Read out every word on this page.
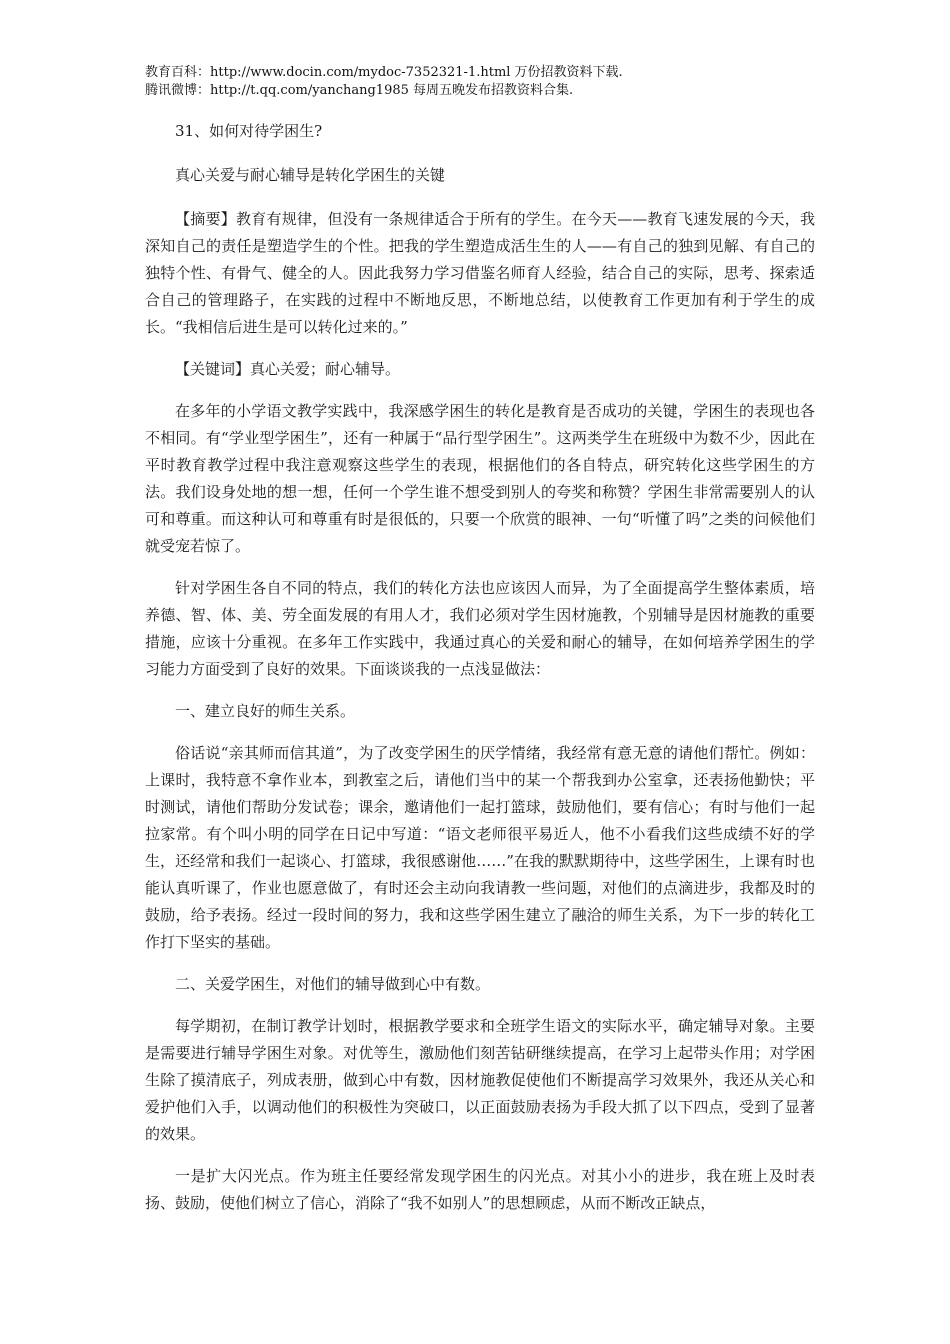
教育百科：http://www.docin.com/mydoc-7352321-1.html 万份招教资料下载.
腾讯微博：http://t.qq.com/yanchang1985 每周五晚发布招教资料合集.

31、如何对待学困生?

真心关爱与耐心辅导是转化学困生的关键

【摘要】教育有规律，但没有一条规律适合于所有的学生。在今天——教育飞速发展的今天，我深知自己的责任是塑造学生的个性。把我的学生塑造成活生生的人——有自己的独到见解、有自己的独特个性、有骨气、健全的人。因此我努力学习借鉴名师育人经验，结合自己的实际，思考、探索适合自己的管理路子，在实践的过程中不断地反思，不断地总结，以使教育工作更加有利于学生的成长。“我相信后进生是可以转化过来的。”

【关键词】真心关爱；耐心辅导。

在多年的小学语文教学实践中，我深感学困生的转化是教育是否成功的关键，学困生的表现也各不相同。有“学业型学困生”，还有一种属于“品行型学困生”。这两类学生在班级中为数不少，因此在平时教育教学过程中我注意观察这些学生的表现，根据他们的各自特点，研究转化这些学困生的方法。我们设身处地的想一想，任何一个学生谁不想受到别人的夸奖和称赞？学困生非常需要别人的认可和尊重。而这种认可和尊重有时是很低的，只要一个欣赏的眼神、一句“听懂了吗”之类的问候他们就受宠若惊了。

针对学困生各自不同的特点，我们的转化方法也应该因人而异，为了全面提高学生整体素质，培养德、智、体、美、劳全面发展的有用人才，我们必须对学生因材施教，个别辅导是因材施教的重要措施，应该十分重视。在多年工作实践中，我通过真心的关爱和耐心的辅导，在如何培养学困生的学习能力方面受到了良好的效果。下面谈谈我的一点浅显做法：

一、建立良好的师生关系。

俗话说“亲其师而信其道”，为了改变学困生的厌学情绪，我经常有意无意的请他们帮忙。例如：上课时，我特意不拿作业本，到教室之后，请他们当中的某一个帮我到办公室拿，还表扬他勤快；平时测试，请他们帮助分发试卷；课余，邀请他们一起打篮球，鼓励他们，要有信心；有时与他们一起拉家常。有个叫小明的同学在日记中写道：“语文老师很平易近人，他不小看我们这些成绩不好的学生，还经常和我们一起谈心、打篮球，我很感谢他……”在我的默默期待中，这些学困生，上课有时也能认真听课了，作业也愿意做了，有时还会主动向我请教一些问题，对他们的点滴进步，我都及时的鼓励，给予表扬。经过一段时间的努力，我和这些学困生建立了融洽的师生关系，为下一步的转化工作打下坚实的基础。

二、关爱学困生，对他们的辅导做到心中有数。

每学期初，在制订教学计划时，根据教学要求和全班学生语文的实际水平，确定辅导对象。主要是需要进行辅导学困生对象。对优等生，激励他们刻苦钻研继续提高，在学习上起带头作用；对学困生除了摸清底子，列成表册，做到心中有数，因材施教促使他们不断提高学习效果外，我还从关心和爱护他们入手，以调动他们的积极性为突破口，以正面鼓励表扬为手段大抓了以下四点，受到了显著的效果。

一是扩大闪光点。作为班主任要经常发现学困生的闪光点。对其小小的进步，我在班上及时表扬、鼓励，使他们树立了信心，消除了“我不如别人”的思想顾虑，从而不断改正缺点，
